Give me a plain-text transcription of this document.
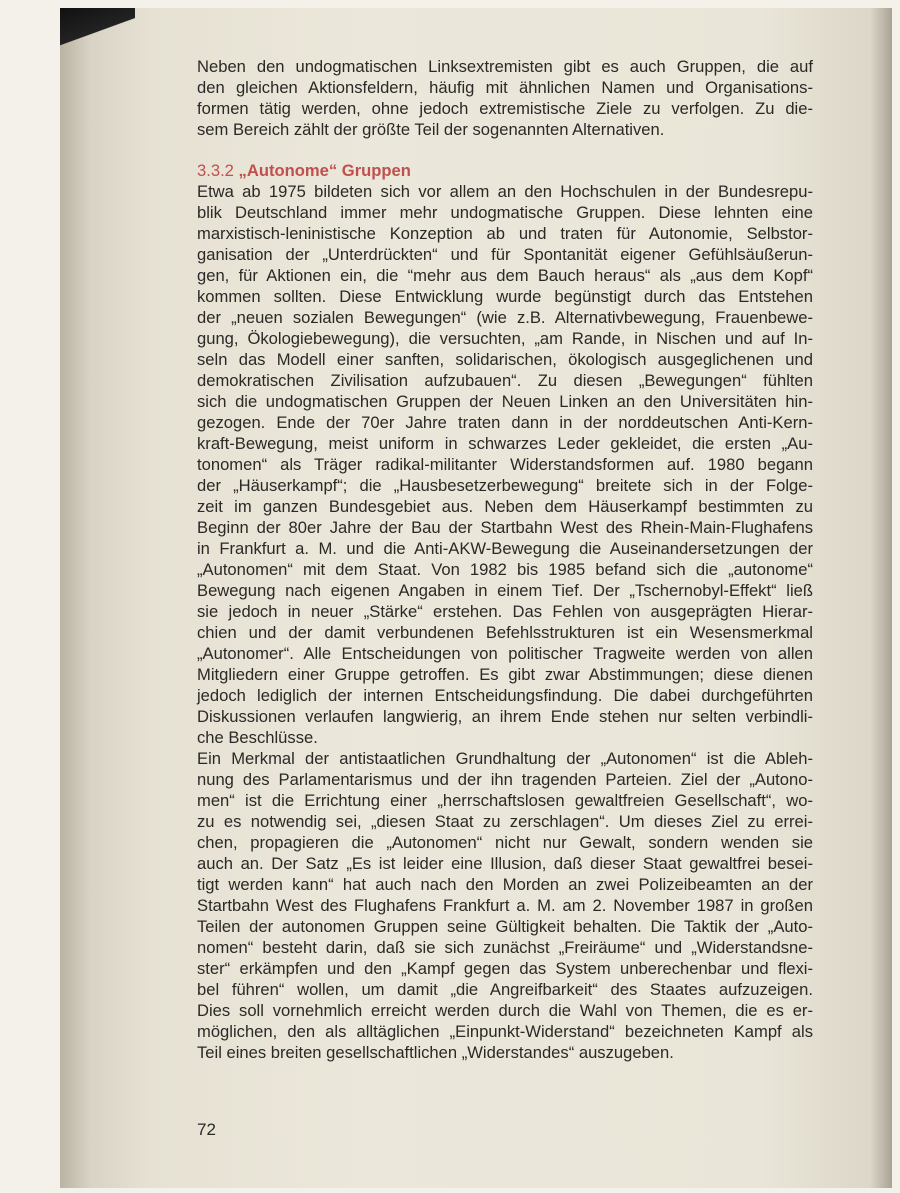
Neben den undogmatischen Linksextremisten gibt es auch Gruppen, die auf
den gleichen Aktionsfeldern, häufig mit ähnlichen Namen und Organisations-
formen tätig werden, ohne jedoch extremistische Ziele zu verfolgen. Zu die-
sem Bereich zählt der größte Teil der sogenannten Alternativen.
3.3.2 „Autonome“ Gruppen
Etwa ab 1975 bildeten sich vor allem an den Hochschulen in der Bundesrepu-
blik Deutschland immer mehr undogmatische Gruppen. Diese lehnten eine
marxistisch-leninistische Konzeption ab und traten für Autonomie, Selbstor-
ganisation der „Unterdrückten“ und für Spontanität eigener Gefühlsäußerun-
gen, für Aktionen ein, die “mehr aus dem Bauch heraus“ als „aus dem Kopf“
kommen sollten. Diese Entwicklung wurde begünstigt durch das Entstehen
der „neuen sozialen Bewegungen“ (wie z.B. Alternativbewegung, Frauenbewe-
gung, Ökologiebewegung), die versuchten, „am Rande, in Nischen und auf In-
seln das Modell einer sanften, solidarischen, ökologisch ausgeglichenen und
demokratischen Zivilisation aufzubauen“. Zu diesen „Bewegungen“ fühlten
sich die undogmatischen Gruppen der Neuen Linken an den Universitäten hin-
gezogen. Ende der 70er Jahre traten dann in der norddeutschen Anti-Kern-
kraft-Bewegung, meist uniform in schwarzes Leder gekleidet, die ersten „Au-
tonomen“ als Träger radikal-militanter Widerstandsformen auf. 1980 begann
der „Häuserkampf“; die „Hausbesetzerbewegung“ breitete sich in der Folge-
zeit im ganzen Bundesgebiet aus. Neben dem Häuserkampf bestimmten zu
Beginn der 80er Jahre der Bau der Startbahn West des Rhein-Main-Flughafens
in Frankfurt a. M. und die Anti-AKW-Bewegung die Auseinandersetzungen der
„Autonomen“ mit dem Staat. Von 1982 bis 1985 befand sich die „autonome“
Bewegung nach eigenen Angaben in einem Tief. Der „Tschernobyl-Effekt“ ließ
sie jedoch in neuer „Stärke“ erstehen. Das Fehlen von ausgeprägten Hierar-
chien und der damit verbundenen Befehlsstrukturen ist ein Wesensmerkmal
„Autonomer“. Alle Entscheidungen von politischer Tragweite werden von allen
Mitgliedern einer Gruppe getroffen. Es gibt zwar Abstimmungen; diese dienen
jedoch lediglich der internen Entscheidungsfindung. Die dabei durchgeführten
Diskussionen verlaufen langwierig, an ihrem Ende stehen nur selten verbindli-
che Beschlüsse.
Ein Merkmal der antistaatlichen Grundhaltung der „Autonomen“ ist die Ableh-
nung des Parlamentarismus und der ihn tragenden Parteien. Ziel der „Autono-
men“ ist die Errichtung einer „herrschaftslosen gewaltfreien Gesellschaft“, wo-
zu es notwendig sei, „diesen Staat zu zerschlagen“. Um dieses Ziel zu errei-
chen, propagieren die „Autonomen“ nicht nur Gewalt, sondern wenden sie
auch an. Der Satz „Es ist leider eine Illusion, daß dieser Staat gewaltfrei besei-
tigt werden kann“ hat auch nach den Morden an zwei Polizeibeamten an der
Startbahn West des Flughafens Frankfurt a. M. am 2. November 1987 in großen
Teilen der autonomen Gruppen seine Gültigkeit behalten. Die Taktik der „Auto-
nomen“ besteht darin, daß sie sich zunächst „Freiräume“ und „Widerstandsne-
ster“ erkämpfen und den „Kampf gegen das System unberechenbar und flexi-
bel führen“ wollen, um damit „die Angreifbarkeit“ des Staates aufzuzeigen.
Dies soll vornehmlich erreicht werden durch die Wahl von Themen, die es er-
möglichen, den als alltäglichen „Einpunkt-Widerstand“ bezeichneten Kampf als
Teil eines breiten gesellschaftlichen „Widerstandes“ auszugeben.
72
